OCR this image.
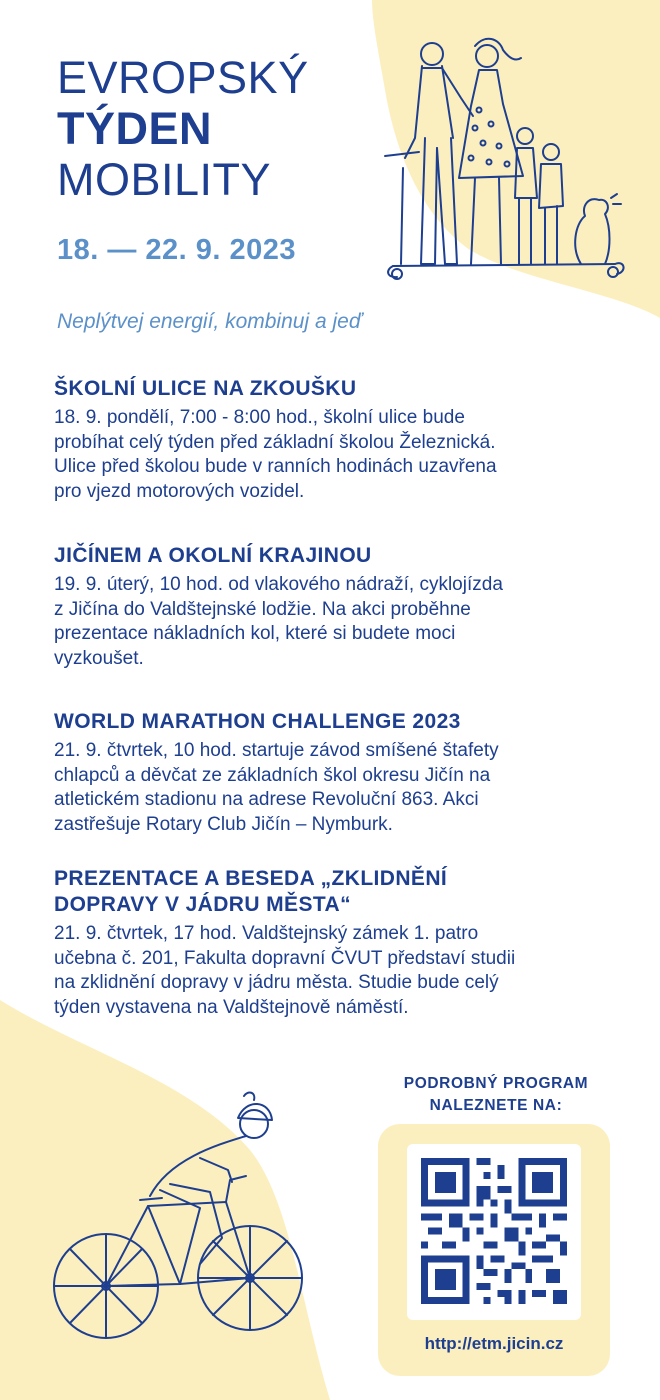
EVROPSKÝ
TÝDEN
MOBILITY
18. — 22. 9. 2023
Neplýtvej energií, kombinuj a jeď
ŠKOLNÍ ULICE NA ZKOUŠKU

18. 9. pondělí, 7:00 - 8:00 hod., školní ulice bude
probíhat celý týden před základní školou Železnická.
Ulice před školou bude v ranních hodinách uzavřena
pro vjezd motorových vozidel.

JIČÍNEM A OKOLNÍ KRAJINOU

19. 9. úterý, 10 hod. od vlakového nádraží, cyklojízda
z Jičína do Valdštejnské lodžie. Na akci proběhne
prezentace nákladních kol, které si budete moci
vyzkoušet.

WORLD MARATHON CHALLENGE 2023

21. 9. čtvrtek, 10 hod. startuje závod smíšené štafety
chlapců a děvčat ze základních škol okresu Jičín na
atletickém stadionu na adrese Revoluční 863. Akci
zastřešuje Rotary Club Jičín – Nymburk.

PREZENTACE A BESEDA „ZKLIDNĚNÍ
DOPRAVY V JÁDRU MĚSTA“

21. 9. čtvrtek, 17 hod. Valdštejnský zámek 1. patro
učebna č. 201, Fakulta dopravní ČVUT představí studii
na zklidnění dopravy v jádru města. Studie bude celý
týden vystavena na Valdštejnově náměstí.

PODROBNÝ PROGRAM
NALEZNETE NA:
http://etm.jicin.cz
